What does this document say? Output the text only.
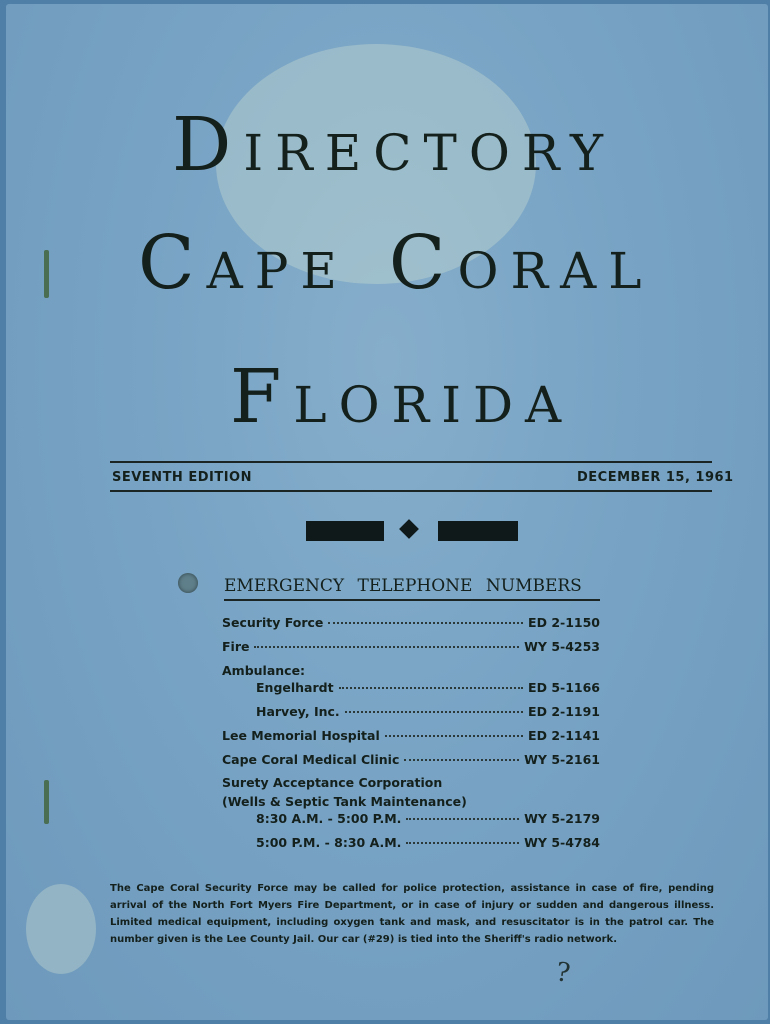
DIRECTORY
CAPE CORAL
FLORIDA
SEVENTH EDITION	DECEMBER 15, 1961
EMERGENCY TELEPHONE NUMBERS
Security Force	ED 2-1150
Fire	WY 5-4253
Ambulance:
Engelhardt	ED 5-1166
Harvey, Inc.	ED 2-1191
Lee Memorial Hospital	ED 2-1141
Cape Coral Medical Clinic	WY 5-2161
Surety Acceptance Corporation
(Wells & Septic Tank Maintenance)
8:30 A.M. - 5:00 P.M.	WY 5-2179
5:00 P.M. - 8:30 A.M.	WY 5-4784
The Cape Coral Security Force may be called for police protection, assistance in case of fire, pending arrival of the North Fort Myers Fire Department, or in case of injury or sudden and dangerous illness. Limited medical equipment, including oxygen tank and mask, and resuscitator is in the patrol car. The number given is the Lee County Jail. Our car (#29) is tied into the Sheriff's radio network.
?
